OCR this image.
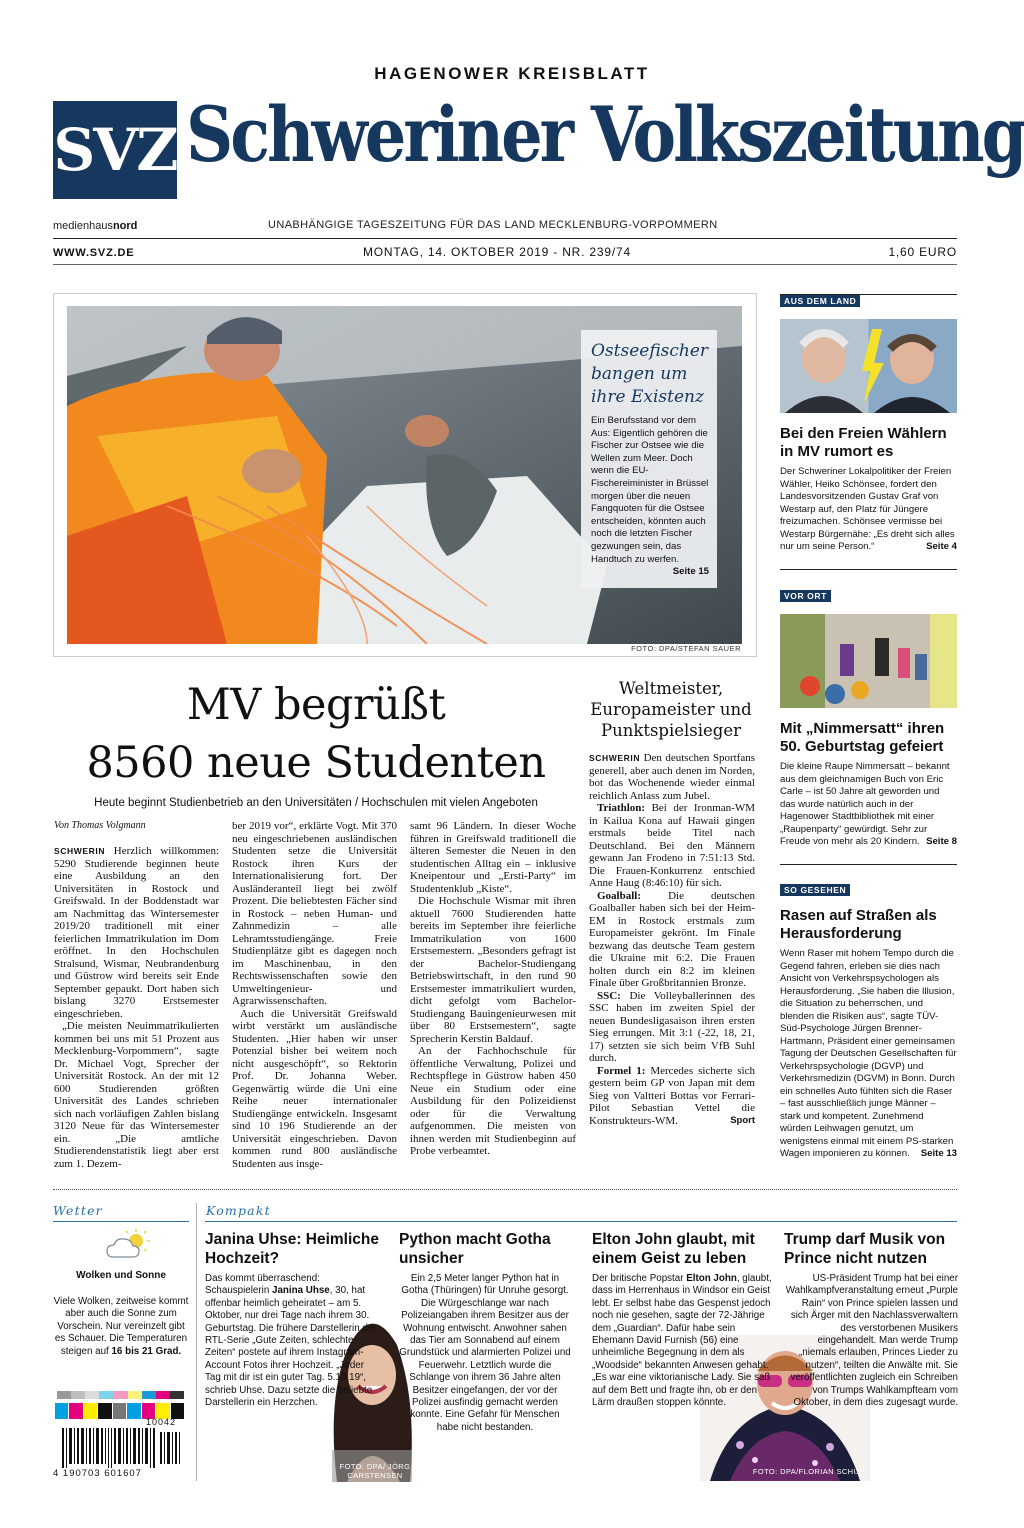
HAGENOWER KREISBLATT
SVZ Schweriner Volkszeitung
medienhausnord	UNABHÄNGIGE TAGESZEITUNG FÜR DAS LAND MECKLENBURG-VORPOMMERN
WWW.SVZ.DE	MONTAG, 14. OKTOBER 2019 - NR. 239/74	1,60 EURO
Ostseefischer bangen um ihre Existenz
Ein Berufsstand vor dem Aus: Eigentlich gehören die Fischer zur Ostsee wie die Wellen zum Meer. Doch wenn die EU-Fischereiminister in Brüssel morgen über die neuen Fangquoten für die Ostsee entscheiden, könnten auch noch die letzten Fischer gezwungen sein, das Handtuch zu werfen.
Seite 15
FOTO: DPA/STEFAN SAUER
MV begrüßt
8560 neue Studenten
Heute beginnt Studienbetrieb an den Universitäten / Hochschulen mit vielen Angeboten
Von Thomas Volgmann

SCHWERIN Herzlich willkommen: 5290 Studierende beginnen heute eine Ausbildung an den Universitäten in Rostock und Greifswald. In der Boddenstadt war am Nachmittag das Wintersemester 2019/20 traditionell mit einer feierlichen Immatrikulation im Dom eröffnet. In den Hochschulen Stralsund, Wismar, Neubrandenburg und Güstrow wird bereits seit Ende September gepaukt. Dort haben sich bislang 3270 Erstsemester eingeschrieben.

„Die meisten Neuimmatrikulierten kommen bei uns mit 51 Prozent aus Mecklenburg-Vorpommern“, sagte Dr. Michael Vogt, Sprecher der Universität Rostock. An der mit 12 600 Studierenden größten Universität des Landes schrieben sich nach vorläufigen Zahlen bislang 3120 Neue für das Wintersemester ein. „Die amtliche Studierendenstatistik liegt aber erst zum 1. Dezem-

ber 2019 vor“, erklärte Vogt. Mit 370 neu eingeschriebenen ausländischen Studenten setze die Universität Rostock ihren Kurs der Internationalisierung fort. Der Ausländeranteil liegt bei zwölf Prozent. Die beliebtesten Fächer sind in Rostock – neben Human- und Zahnmedizin – alle Lehramtsstudiengänge. Freie Studienplätze gibt es dagegen noch im Maschinenbau, in den Rechtswissenschaften sowie den Umweltingenieur- und Agrarwissenschaften.

Auch die Universität Greifswald wirbt verstärkt um ausländische Studenten. „Hier haben wir unser Potenzial bisher bei weitem noch nicht ausgeschöpft“, so Rektorin Prof. Dr. Johanna Weber. Gegenwärtig würde die Uni eine Reihe neuer internationaler Studiengänge entwickeln. Insgesamt sind 10 196 Studierende an der Universität eingeschrieben. Davon kommen rund 800 ausländische Studenten aus insge-

samt 96 Ländern. In dieser Woche führen in Greifswald traditionell die älteren Semester die Neuen in den studentischen Alltag ein – inklusive Kneipentour und „Ersti-Party“ im Studentenklub „Kiste“.

Die Hochschule Wismar mit ihren aktuell 7600 Studierenden hatte bereits im September ihre feierliche Immatrikulation von 1600 Erstsemestern. „Besonders gefragt ist der Bachelor-Studiengang Betriebswirtschaft, in den rund 90 Erstsemester immatrikuliert wurden, dicht gefolgt vom Bachelor-Studiengang Bauingenieurwesen mit über 80 Erstsemestern“, sagte Sprecherin Kerstin Baldauf.

An der Fachhochschule für öffentliche Verwaltung, Polizei und Rechtspflege in Güstrow haben 450 Neue ein Studium oder eine Ausbildung für den Polizeidienst oder für die Verwaltung aufgenommen. Die meisten von ihnen werden mit Studienbeginn auf Probe verbeamtet.

Weltmeister, Europameister und Punktspielsieger

SCHWERIN Den deutschen Sportfans generell, aber auch denen im Norden, bot das Wochenende wieder einmal reichlich Anlass zum Jubel.

Triathlon: Bei der Ironman-WM in Kailua Kona auf Hawaii gingen erstmals beide Titel nach Deutschland. Bei den Männern gewann Jan Frodeno in 7:51:13 Std. Die Frauen-Konkurrenz entschied Anne Haug (8:46:10) für sich.

Goalball: Die deutschen Goalballer haben sich bei der Heim-EM in Rostock erstmals zum Europameister gekrönt. Im Finale bezwang das deutsche Team gestern die Ukraine mit 6:2. Die Frauen holten durch ein 8:2 im kleinen Finale über Großbritannien Bronze.

SSC: Die Volleyballerinnen des SSC haben im zweiten Spiel der neuen Bundesligasaison ihren ersten Sieg errungen. Mit 3:1 (-22, 18, 21, 17) setzten sie sich beim VfB Suhl durch.

Formel 1: Mercedes sicherte sich gestern beim GP von Japan mit dem Sieg von Valtteri Bottas vor Ferrari-Pilot Sebastian Vettel die Konstrukteurs-WM.	Sport

AUS DEM LAND
Bei den Freien Wählern in MV rumort es
Der Schweriner Lokalpolitiker der Freien Wähler, Heiko Schönsee, fordert den Landesvorsitzenden Gustav Graf von Westarp auf, den Platz für Jüngere freizumachen. Schönsee vermisse bei Westarp Bürgernähe: „Es dreht sich alles nur um seine Person.“	Seite 4
VOR ORT
Mit „Nimmersatt“ ihren 50. Geburtstag gefeiert
Die kleine Raupe Nimmersatt – bekannt aus dem gleichnamigen Buch von Eric Carle – ist 50 Jahre alt geworden und das wurde natürlich auch in der Hagenower Stadtbibliothek mit einer „Raupenparty“ gewürdigt. Sehr zur Freude von mehr als 20 Kindern. Seite 8
SO GESEHEN
Rasen auf Straßen als Herausforderung
Wenn Raser mit hohem Tempo durch die Gegend fahren, erleben sie dies nach Ansicht von Verkehrspsychologen als Herausforderung. „Sie haben die Illusion, die Situation zu beherrschen, und blenden die Risiken aus“, sagte TÜV-Süd-Psychologe Jürgen Brenner-Hartmann, Präsident einer gemeinsamen Tagung der Deutschen Gesellschaften für Verkehrspsychologie (DGVP) und Verkehrsmedizin (DGVM) in Bonn. Durch ein schnelles Auto fühlten sich die Raser – fast ausschließlich junge Männer – stark und kompetent. Zunehmend würden Leihwagen genutzt, um wenigstens einmal mit einem PS-starken Wagen imponieren zu können. Seite 13
Wetter
Wolken und Sonne
Viele Wolken, zeitweise kommt aber auch die Sonne zum Vorschein. Nur vereinzelt gibt es Schauer. Die Temperaturen steigen auf 16 bis 21 Grad.
10042
4 190703 601607
Kompakt
Janina Uhse: Heimliche Hochzeit?
Das kommt überraschend: Schauspielerin Janina Uhse, 30, hat offenbar heimlich geheiratet – am 5. Oktober, nur drei Tage nach ihrem 30. Geburtstag. Die frühere Darstellerin der RTL-Serie „Gute Zeiten, schlechte Zeiten“ postete auf ihrem Instagram-Account Fotos ihrer Hochzeit. „Jeder Tag mit dir ist ein guter Tag. 5.10.19“, schrieb Uhse. Dazu setzte die beliebte Darstellerin ein Herzchen.
FOTO: DPA/ JÖRG CARSTENSEN
Python macht Gotha unsicher
Ein 2,5 Meter langer Python hat in Gotha (Thüringen) für Unruhe gesorgt. Die Würgeschlange war nach Polizeiangaben ihrem Besitzer aus der Wohnung entwischt. Anwohner sahen das Tier am Sonnabend auf einem Grundstück und alarmierten Polizei und Feuerwehr. Letztlich wurde die Schlange von ihrem 36 Jahre alten Besitzer eingefangen, der vor der Polizei ausfindig gemacht werden konnte. Eine Gefahr für Menschen habe nicht bestanden.
Elton John glaubt, mit einem Geist zu leben
Der britische Popstar Elton John, glaubt, dass im Herrenhaus in Windsor ein Geist lebt. Er selbst habe das Gespenst jedoch noch nie gesehen, sagte der 72-Jährige dem „Guardian“. Dafür habe sein Ehemann David Furnish (56) eine unheimliche Begegnung in dem als „Woodside“ bekannten Anwesen gehabt. „Es war eine viktorianische Lady. Sie saß auf dem Bett und fragte ihn, ob er den Lärm draußen stoppen könnte.
FOTO: DPA/FLORIAN SCHUH
Trump darf Musik von Prince nicht nutzen
US-Präsident Trump hat bei einer Wahlkampfveranstaltung erneut „Purple Rain“ von Prince spielen lassen und sich Ärger mit den Nachlassverwaltern des verstorbenen Musikers eingehandelt. Man werde Trump „niemals erlauben, Princes Lieder zu nutzen“, teilten die Anwälte mit. Sie veröffentlichten zugleich ein Schreiben von Trumps Wahlkampfteam vom Oktober, in dem dies zugesagt wurde.
